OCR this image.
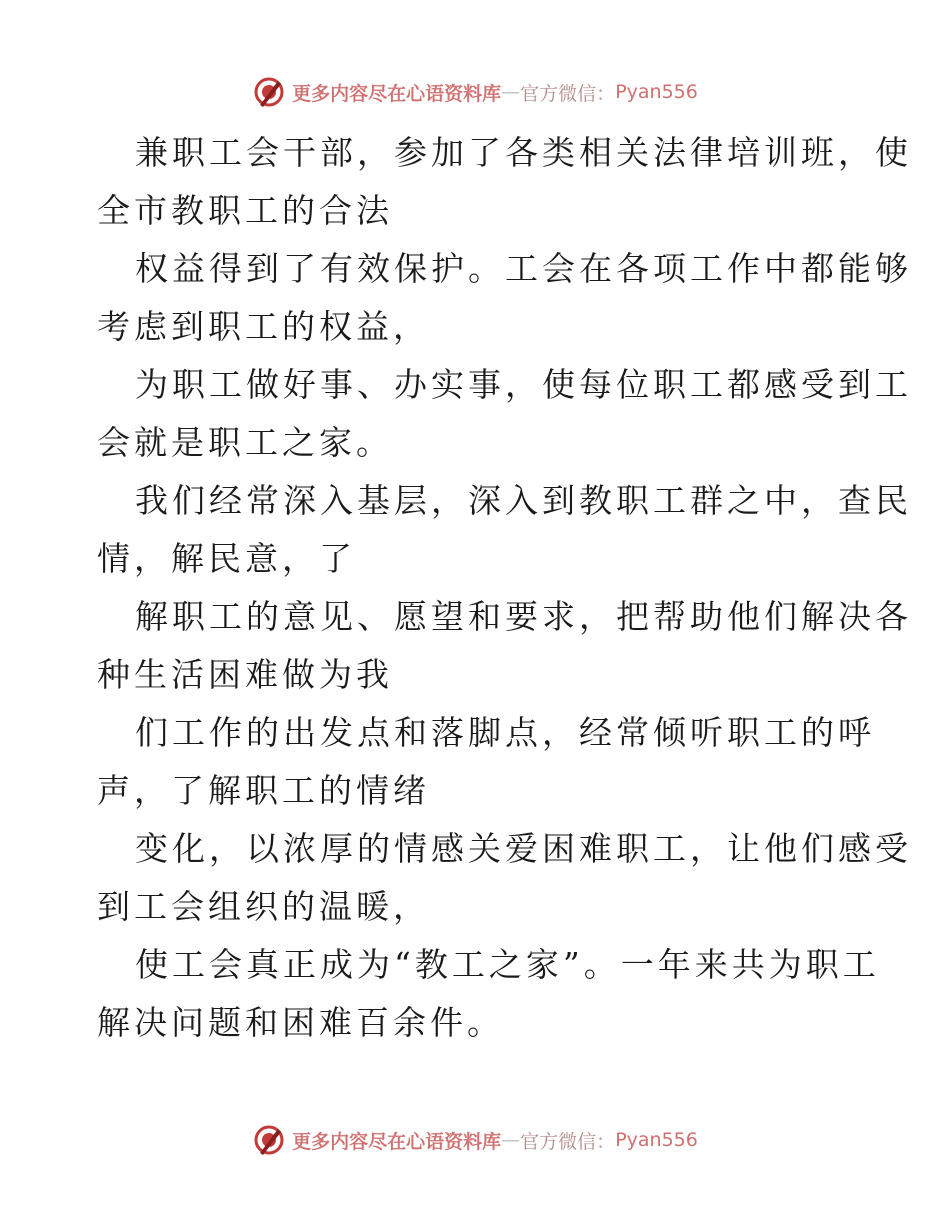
更多内容尽在心语资料库 — 官方微信： Pyan556

兼职工会干部，参加了各类相关法律培训班，使
全市教职工的合法

权益得到了有效保护。工会在各项工作中都能够
考虑到职工的权益，

为职工做好事、办实事，使每位职工都感受到工
会就是职工之家。

我们经常深入基层，深入到教职工群之中，查民
情，解民意，了

解职工的意见、愿望和要求，把帮助他们解决各
种生活困难做为我

们工作的出发点和落脚点，经常倾听职工的呼
声，了解职工的情绪

变化，以浓厚的情感关爱困难职工，让他们感受
到工会组织的温暖，

使工会真正成为“教工之家”。一年来共为职工
解决问题和困难百余件。

更多内容尽在心语资料库 — 官方微信： Pyan556
